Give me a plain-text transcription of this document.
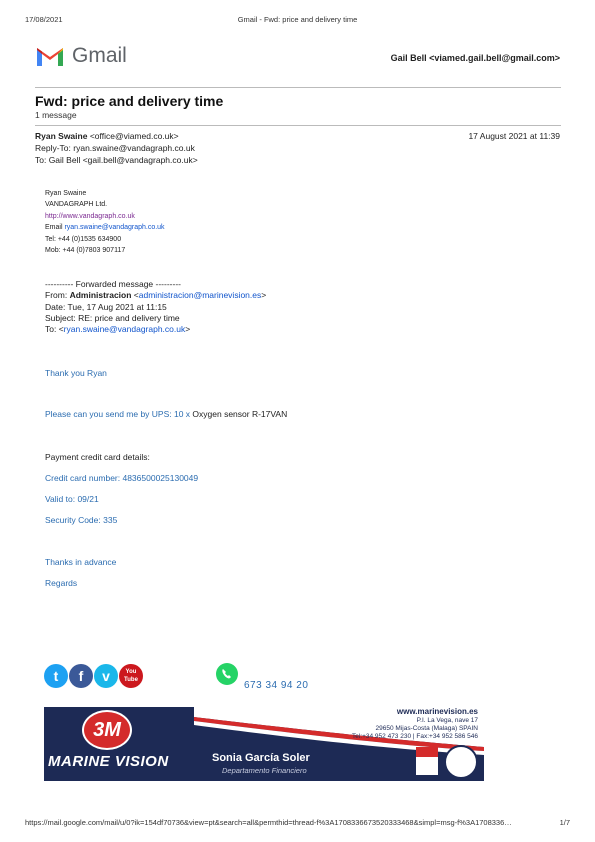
17/08/2021	Gmail - Fwd: price and delivery time
Gmail	Gail Bell <viamed.gail.bell@gmail.com>
Fwd: price and delivery time
1 message
Ryan Swaine <office@viamed.co.uk>	17 August 2021 at 11:39
Reply-To: ryan.swaine@vandagraph.co.uk
To: Gail Bell <gail.bell@vandagraph.co.uk>
Ryan Swaine
VANDAGRAPH Ltd.
http://www.vandagraph.co.uk
Email ryan.swaine@vandagraph.co.uk
Tel: +44 (0)1535 634900
Mob: +44 (0)7803 907117
---------- Forwarded message ---------
From: Administracion <administracion@marinevision.es>
Date: Tue, 17 Aug 2021 at 11:15
Subject: RE: price and delivery time
To: <ryan.swaine@vandagraph.co.uk>
Thank you Ryan
Please can you send me by UPS: 10 x Oxygen sensor R-17VAN
Payment credit card details:
Credit card number: 4836500025130049
Valid to: 09/21
Security Code: 335
Thanks in advance
Regards
t	f	v	You Tube	673 34 94 20
3M
MARINE VISION
www.marinevision.es
P.I. La Vega, nave 17
29650 Mijas-Costa (Malaga) SPAIN
Tel:+34 952 473 230 | Fax:+34 952 586 546
Sonia García Soler
Departamento Financiero
https://mail.google.com/mail/u/0?ik=154df70736&view=pt&search=all&permthid=thread-f%3A1708336673520333468&simpl=msg-f%3A1708336…	1/7
